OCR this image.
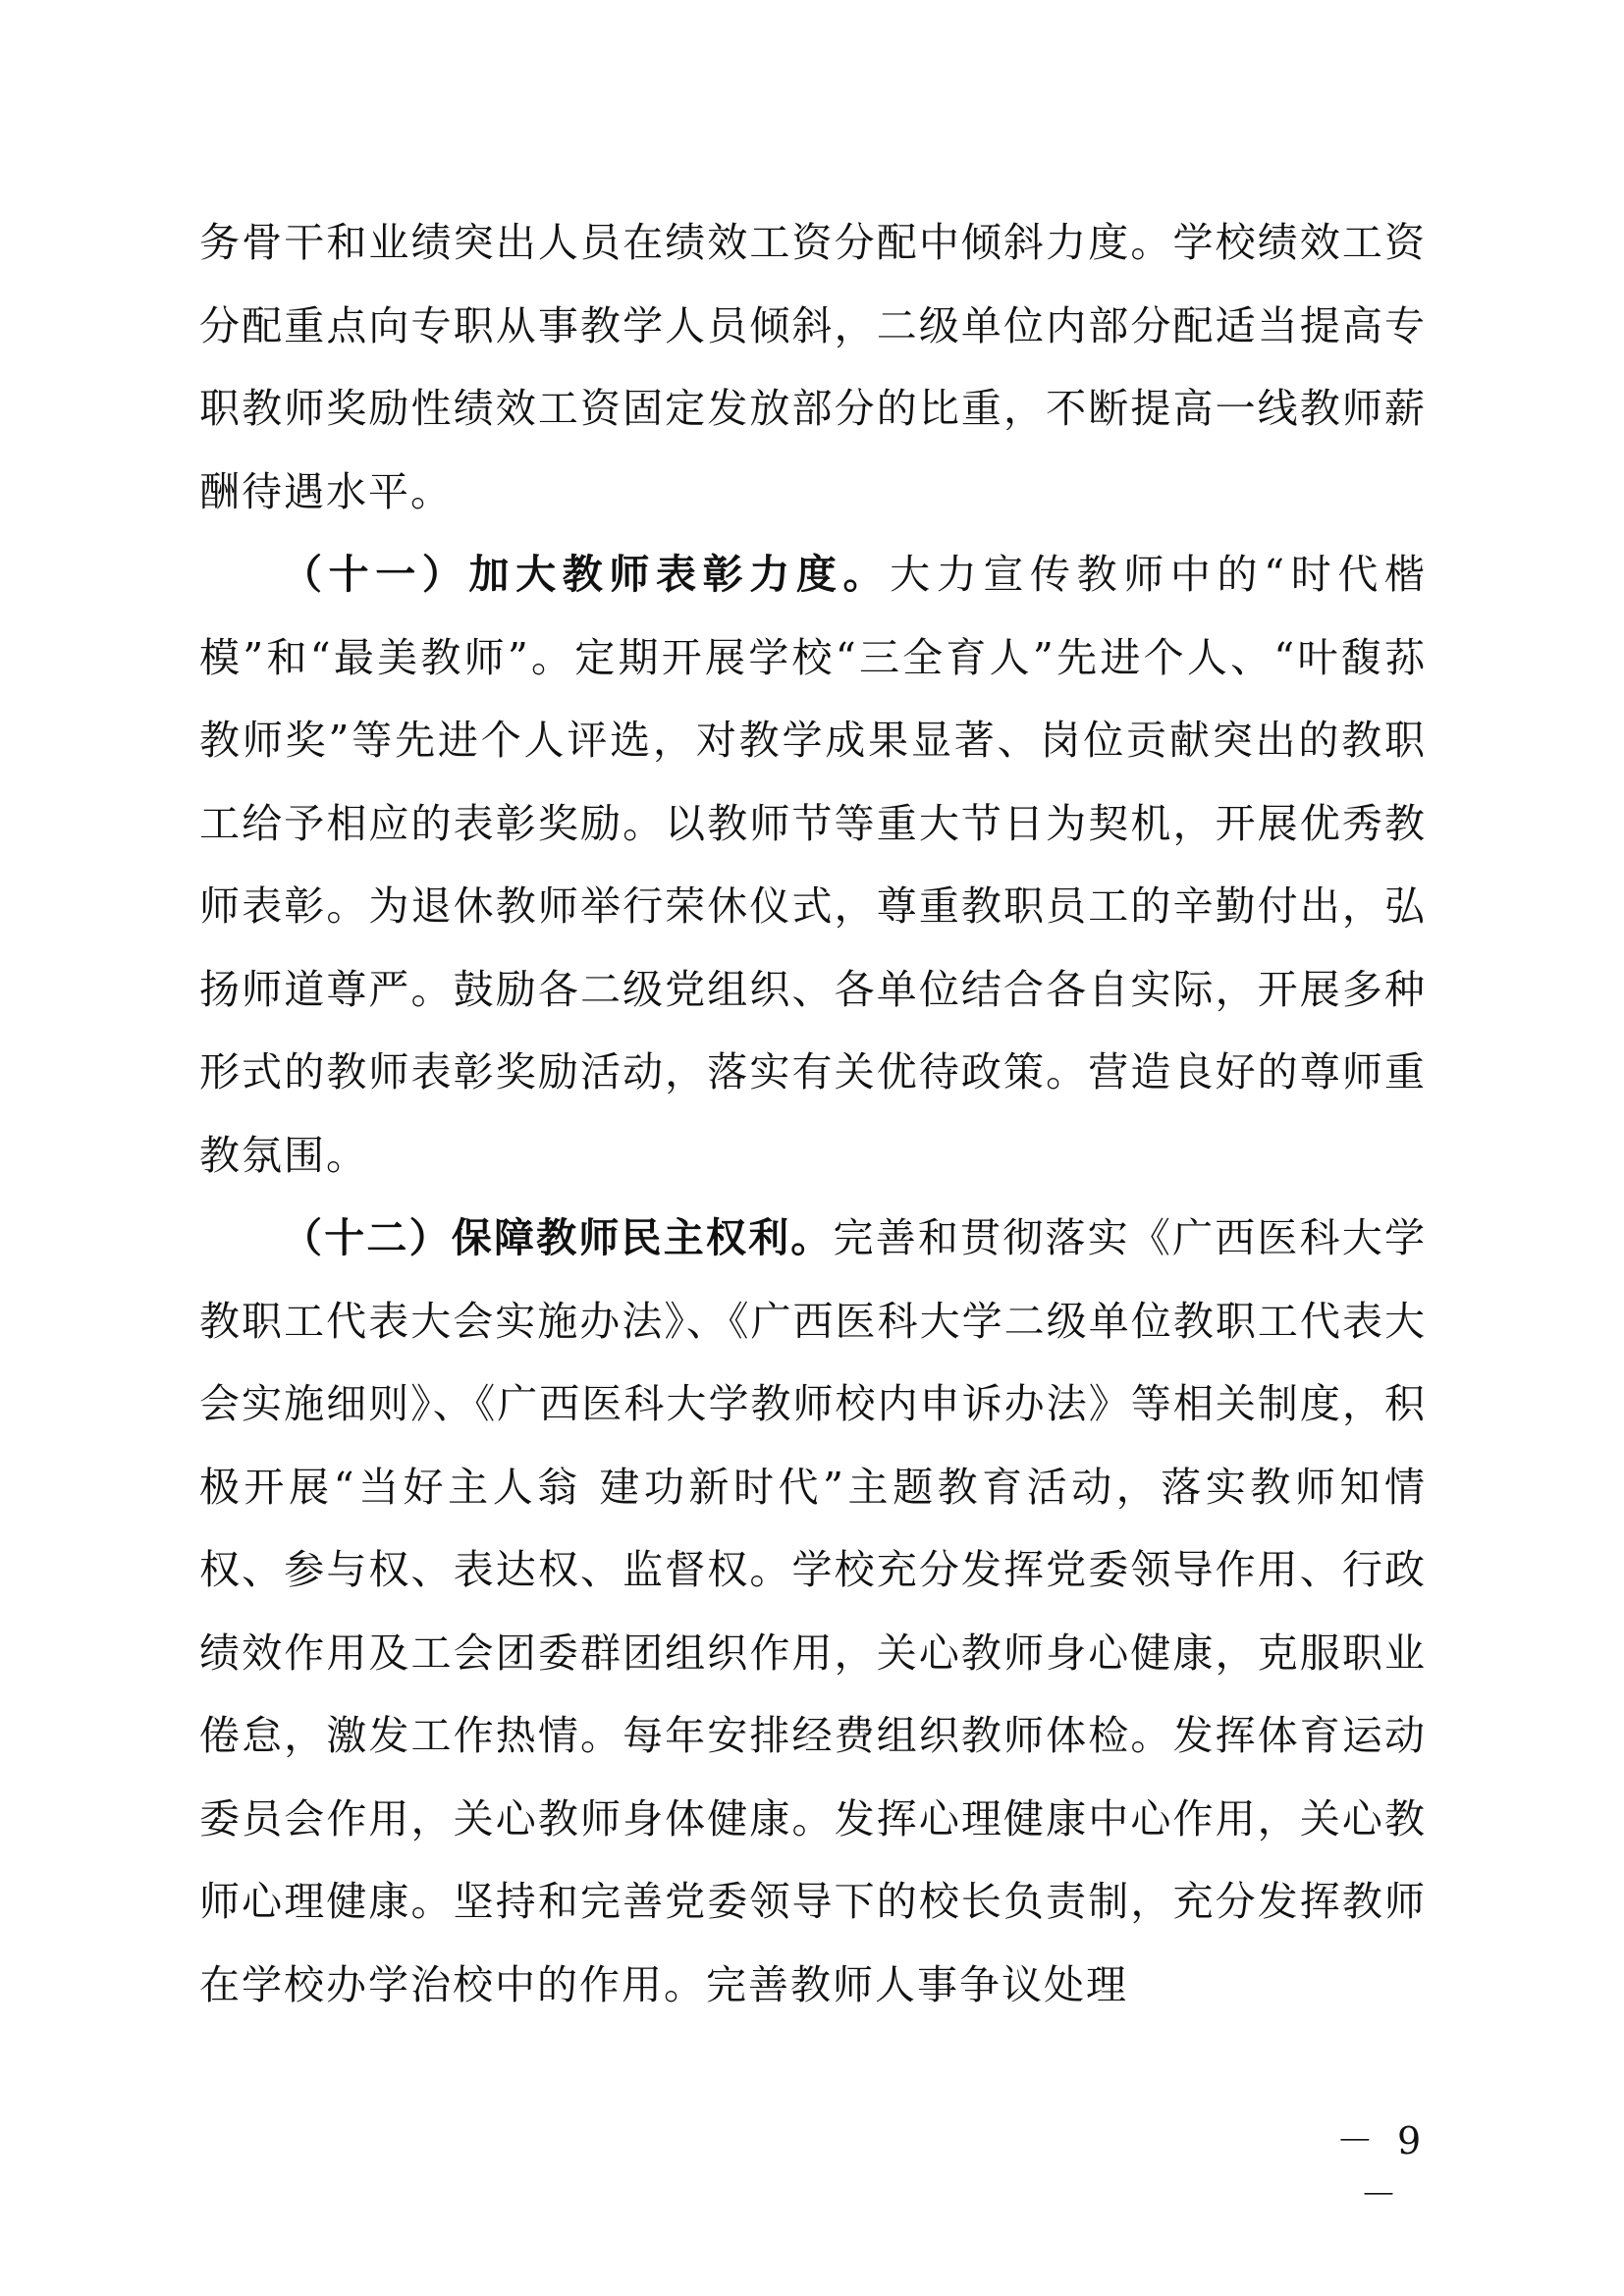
务骨干和业绩突出人员在绩效工资分配中倾斜力度。学校绩效工资分配重点向专职从事教学人员倾斜，二级单位内部分配适当提高专职教师奖励性绩效工资固定发放部分的比重，不断提高一线教师薪酬待遇水平。

（十一）加大教师表彰力度。大力宣传教师中的“时代楷模”和“最美教师”。定期开展学校“三全育人”先进个人、“叶馥荪教师奖”等先进个人评选，对教学成果显著、岗位贡献突出的教职工给予相应的表彰奖励。以教师节等重大节日为契机，开展优秀教师表彰。为退休教师举行荣休仪式，尊重教职员工的辛勤付出，弘扬师道尊严。鼓励各二级党组织、各单位结合各自实际，开展多种形式的教师表彰奖励活动，落实有关优待政策。营造良好的尊师重教氛围。

（十二）保障教师民主权利。完善和贯彻落实《广西医科大学教职工代表大会实施办法》、《广西医科大学二级单位教职工代表大会实施细则》、《广西医科大学教师校内申诉办法》等相关制度，积极开展“当好主人翁 建功新时代”主题教育活动，落实教师知情权、参与权、表达权、监督权。学校充分发挥党委领导作用、行政绩效作用及工会团委群团组织作用，关心教师身心健康，克服职业倦怠，激发工作热情。每年安排经费组织教师体检。发挥体育运动委员会作用，关心教师身体健康。发挥心理健康中心作用，关心教师心理健康。坚持和完善党委领导下的校长负责制，充分发挥教师在学校办学治校中的作用。完善教师人事争议处理

－ 9 －
